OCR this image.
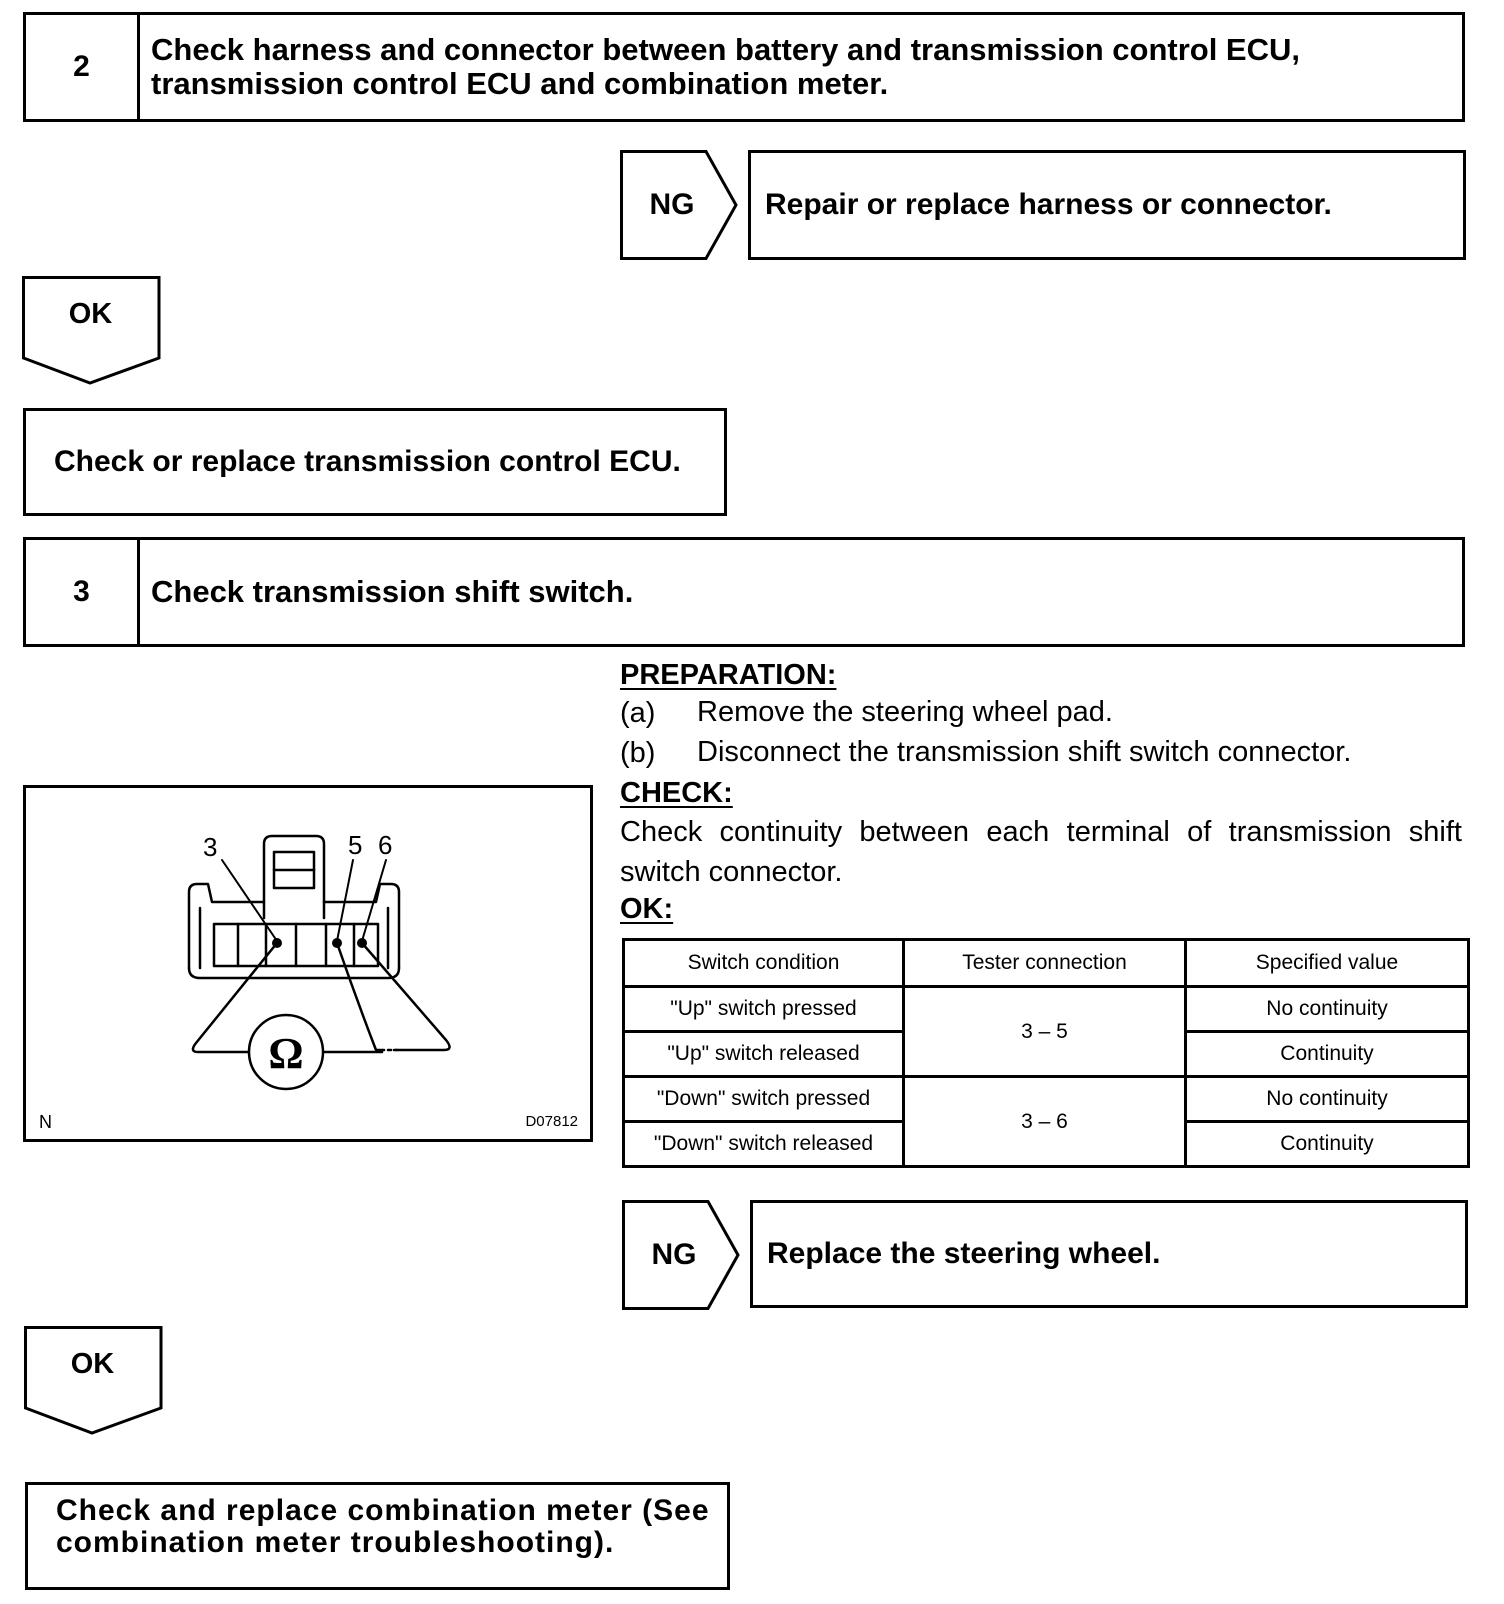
2	Check harness and connector between battery and transmission control ECU,
transmission control ECU and combination meter.
NG	Repair or replace harness or connector.
OK
Check or replace transmission control ECU.
3	Check transmission shift switch.
PREPARATION:
(a) Remove the steering wheel pad.
(b) Disconnect the transmission shift switch connector.
CHECK:
Check continuity between each terminal of transmission shift switch connector.
OK:
Switch condition	Tester connection	Specified value
"Up" switch pressed	3 – 5	No continuity
"Up" switch released		Continuity
"Down" switch pressed	3 – 6	No continuity
"Down" switch released		Continuity
3	5 6
Ω
N	D07812
NG	Replace the steering wheel.
OK
Check and replace combination meter (See
combination meter troubleshooting).
